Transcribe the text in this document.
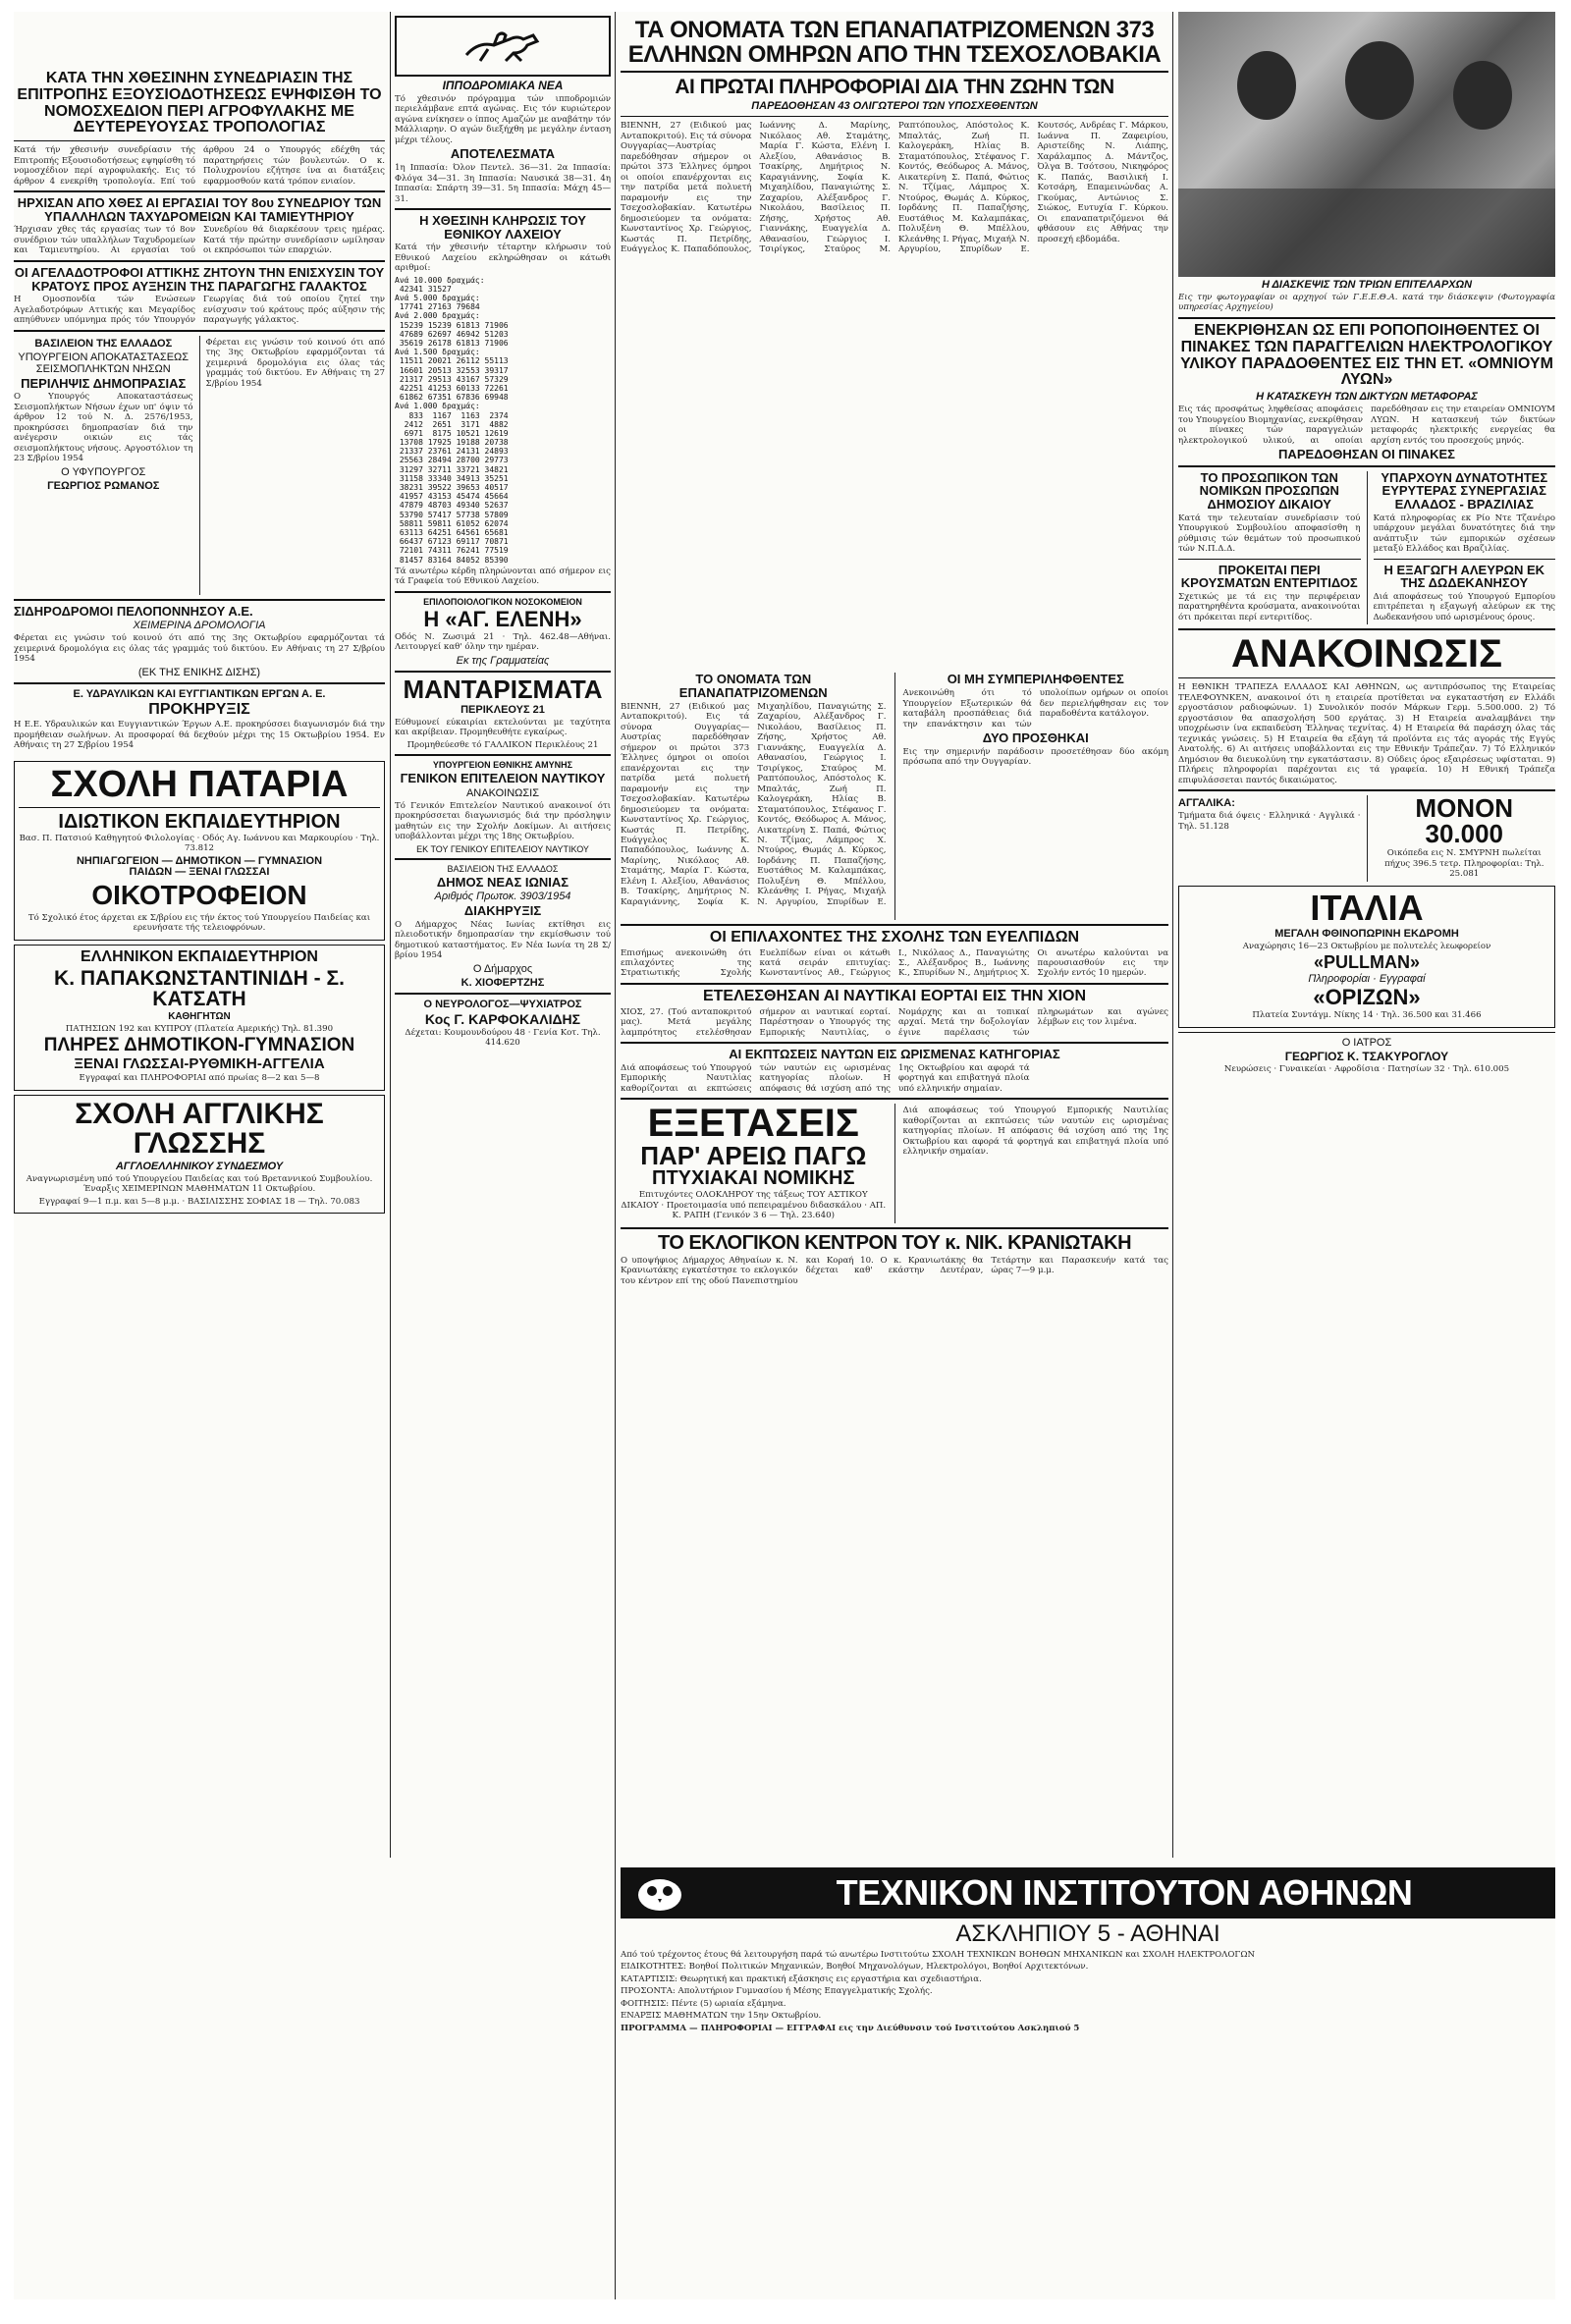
ΚΑΤΑ ΤΗΝ ΧΘΕΣΙΝΗΝ ΣΥΝΕΔΡΙΑΣΙΝ ΤΗΣ ΕΠΙΤΡΟΠΗΣ ΕΞΟΥΣΙΟΔΟΤΗΣΕΩΣ ΕΨΗΦΙΣΘΗ ΤΟ ΝΟΜΟΣΧΕΔΙΟΝ ΠΕΡΙ ΑΓΡΟΦΥΛΑΚΗΣ ΜΕ ΔΕΥΤΕΡΕΥΟΥΣΑΣ ΤΡΟΠΟΛΟΓΙΑΣ

Κατά τήν χθεσινήν συνεδρίασιν τής Επιτροπής Εξουσιοδοτήσεως εψηφίσθη τό νομοσχέδιον περί αγροφυλακής. Εις τό άρθρον 4 ενεκρίθη τροπολογία. Επί τού άρθρου 24 ο Υπουργός εδέχθη τάς παρατηρήσεις τών βουλευτών. Ο κ. Πολυχρονίου εζήτησε ίνα αι διατάξεις εφαρμοσθούν κατά τρόπον ενιαίον.

ΗΡΧΙΣΑΝ ΑΠΟ ΧΘΕΣ ΑΙ ΕΡΓΑΣΙΑΙ ΤΟΥ 8ου ΣΥΝΕΔΡΙΟΥ ΤΩΝ ΥΠΑΛΛΗΛΩΝ ΤΑΧΥΔΡΟΜΕΙΩΝ ΚΑΙ ΤΑΜΙΕΥΤΗΡΙΟΥ

Ήρχισαν χθες τάς εργασίας των τό 8ον συνέδριον τών υπαλλήλων Ταχυδρομείων και Ταμιευτηρίου. Αι εργασίαι τού Συνεδρίου θά διαρκέσουν τρεις ημέρας. Κατά τήν πρώτην συνεδρίασιν ωμίλησαν οι εκπρόσωποι τών επαρχιών.

ΟΙ ΑΓΕΛΑΔΟΤΡΟΦΟΙ ΑΤΤΙΚΗΣ ΖΗΤΟΥΝ ΤΗΝ ΕΝΙΣΧΥΣΙΝ ΤΟΥ ΚΡΑΤΟΥΣ ΠΡΟΣ ΑΥΞΗΣΙΝ ΤΗΣ ΠΑΡΑΓΩΓΗΣ ΓΑΛΑΚΤΟΣ

Η Ομοσπονδία τών Ενώσεων Αγελαδοτρόφων Αττικής και Μεγαρίδος απηύθυνεν υπόμνημα πρός τόν Υπουργόν Γεωργίας διά τού οποίου ζητεί την ενίσχυσιν τού κράτους πρός αύξησιν τής παραγωγής γάλακτος.

ΒΑΣΙΛΕΙΟΝ ΤΗΣ ΕΛΛΑΔΟΣ
ΥΠΟΥΡΓΕΙΟΝ ΑΠΟΚΑΤΑΣΤΑΣΕΩΣ ΣΕΙΣΜΟΠΛΗΚΤΩΝ ΝΗΣΩΝ
ΠΕΡΙΛΗΨΙΣ ΔΗΜΟΠΡΑΣΙΑΣ

Ο Υπουργός Αποκαταστάσεως Σεισμοπλήκτων Νήσων έχων υπ' όψιν τό άρθρον 12 τού Ν. Δ. 2576/1953, προκηρύσσει δημοπρασίαν διά την ανέγερσιν οικιών εις τάς σεισμοπλήκτους νήσους. Αργοστόλιον τη 23 Σ/βρίου 1954

Ο ΥΦΥΠΟΥΡΓΟΣ
ΓΕΩΡΓΙΟΣ ΡΩΜΑΝΟΣ

Φέρεται εις γνώσιν τού κοινού ότι από της 3ης Οκτωβρίου εφαρμόζονται τά χειμερινά δρομολόγια εις όλας τάς γραμμάς τού δικτύου. Εν Αθήναις τη 27 Σ/βρίου 1954

ΣΙΔΗΡΟΔΡΟΜΟΙ ΠΕΛΟΠΟΝΝΗΣΟΥ Α.Ε.
ΧΕΙΜΕΡΙΝΑ ΔΡΟΜΟΛΟΓΙΑ

Φέρεται εις γνώσιν τού κοινού ότι από της 3ης Οκτωβρίου εφαρμόζονται τά χειμερινά δρομολόγια εις όλας τάς γραμμάς τού δικτύου. Εν Αθήναις τη 27 Σ/βρίου 1954

(ΕΚ ΤΗΣ ΕΝΙΚΗΣ ΔΙΣΗΣ)
Ε. ΥΔΡΑΥΛΙΚΩΝ ΚΑΙ ΕΥΓΓΙΑΝΤΙΚΩΝ ΕΡΓΩΝ Α. Ε.
ΠΡΟΚΗΡΥΞΙΣ

Η Ε.Ε. Υδραυλικών και Ευγγιαντικών Έργων Α.Ε. προκηρύσσει διαγωνισμόν διά την προμήθειαν σωλήνων. Αι προσφοραί θά δεχθούν μέχρι της 15 Οκτωβρίου 1954. Εν Αθήναις τη 27 Σ/βρίου 1954

ΣΧΟΛΗ ΠΑΤΑΡΙΑ
ΙΔΙΩΤΙΚΟΝ ΕΚΠΑΙΔΕΥΤΗΡΙΟΝ

Βασ. Π. Πατσιού Καθηγητού Φιλολογίας · Οδός Αγ. Ιωάννου και Μαρκουρίου · Τηλ. 73.812

ΝΗΠΙΑΓΩΓΕΙΟΝ — ΔΗΜΟΤΙΚΟΝ — ΓΥΜΝΑΣΙΟΝ
ΠΑΙΔΩΝ — ΞΕΝΑΙ ΓΛΩΣΣΑΙ
ΟΙΚΟΤΡΟΦΕΙΟΝ

Τό Σχολικό έτος άρχεται εκ Σ/βρίου εις τήν έκτος τού Υπουργείου Παιδείας και ερευνήσατε τής τελειοφρόνων.

ΕΛΛΗΝΙΚΟΝ ΕΚΠΑΙΔΕΥΤΗΡΙΟΝ
Κ. ΠΑΠΑΚΩΝΣΤΑΝΤΙΝΙΔΗ - Σ. ΚΑΤΣΑΤΗ
ΚΑΘΗΓΗΤΩΝ

ΠΑΤΗΣΙΩΝ 192 και ΚΥΠΡΟΥ (Πλατεία Αμερικής) Τηλ. 81.390

ΠΛΗΡΕΣ ΔΗΜΟΤΙΚΟΝ-ΓΥΜΝΑΣΙΟΝ
ΞΕΝΑΙ ΓΛΩΣΣΑΙ-ΡΥΘΜΙΚΗ-ΑΓΓΕΛΙΑ

Εγγραφαί και ΠΛΗΡΟΦΟΡΙΑΙ από πρωίας 8—2 και 5—8

ΣΧΟΛΗ ΑΓΓΛΙΚΗΣ ΓΛΩΣΣΗΣ
ΑΓΓΛΟΕΛΛΗΝΙΚΟΥ ΣΥΝΔΕΣΜΟΥ

Αναγνωρισμένη υπό τού Υπουργείου Παιδείας και τού Βρεταννικού Συμβουλίου. Έναρξις ΧΕΙΜΕΡΙΝΩΝ ΜΑΘΗΜΑΤΩΝ 11 Οκτωβρίου.

Εγγραφαί 9—1 π.μ. και 5—8 μ.μ. · ΒΑΣΙΛΙΣΣΗΣ ΣΟΦΙΑΣ 18 — Τηλ. 70.083

ΙΠΠΟΔΡΟΜΙΑΚΑ ΝΕΑ

Τό χθεσινόν πρόγραμμα τών ιπποδρομιών περιελάμβανε επτά αγώνας. Εις τόν κυριώτερον αγώνα ενίκησεν ο ίππος Αμαζών με αναβάτην τόν Μάλλιαρην. Ο αγών διεξήχθη με μεγάλην ένταση μέχρι τέλους.

ΑΠΟΤΕΛΕΣΜΑΤΑ

1η Ιππασία: Όλον Πεντελ. 36—31. 2α Ιππασία: Φλόγα 34—31. 3η Ιππασία: Ναυσικά 38—31. 4η Ιππασία: Σπάρτη 39—31. 5η Ιππασία: Μάχη 45—31.

Η ΧΘΕΣΙΝΗ ΚΛΗΡΩΣΙΣ ΤΟΥ ΕΘΝΙΚΟΥ ΛΑΧΕΙΟΥ

Κατά τήν χθεσινήν τέταρτην κλήρωσιν τού Εθνικού Λαχείου εκληρώθησαν οι κάτωθι αριθμοί:

Ανά 10.000 δραχμάς:
42341 31527
Ανά 5.000 δραχμάς:
17741 27163 79684
Ανά 2.000 δραχμάς:
15239 15239 61813 71906
47689 62697 46942 51203
35619 26178 61813 71906
Ανά 1.500 δραχμάς:
11511 20021 26112 55113
16601 20513 32553 39317
21317 29513 43167 57329
42251 41253 60133 72261
61862 67351 67836 69948
Ανά 1.000 δραχμάς:
833  1167  1163  2374
2412  2651  3171  4882
6971  8175 10521 12619
13708 17925 19188 20738
21337 23761 24131 24893
25563 28494 28700 29773
31297 32711 33721 34821
31158 33340 34913 35251
38231 39522 39653 40517
41957 43153 45474 45664
47879 48703 49340 52637
53790 57417 57738 57809
58811 59811 61052 62074
63113 64251 64561 65681
66437 67123 69117 70871
72101 74311 76241 77519
81457 83164 84052 85390

Τά ανωτέρω κέρδη πληρώνονται από σήμερον εις τά Γραφεία τού Εθνικού Λαχείου.

ΕΠΙΛΟΠΟΙΟΛΟΓΙΚΟΝ ΝΟΣΟΚΟΜΕΙΟΝ
Η «ΑΓ. ΕΛΕΝΗ»

Οδός Ν. Ζωσιμά 21 · Τηλ. 462.48—Αθήναι. Λειτουργεί καθ' όλην την ημέραν.

Εκ της Γραμματείας
ΜΑΝΤΑΡΙΣΜΑΤΑ
ΠΕΡΙΚΛΕΟΥΣ 21

Εύθυμονεί εύκαιρίαι εκτελούνται με ταχύτητα και ακρίβειαν. Προμηθευθήτε εγκαίρως.

Προμηθεύεσθε τό ΓΑΛΛΙΚΟΝ Περικλέους 21

ΥΠΟΥΡΓΕΙΟΝ ΕΘΝΙΚΗΣ ΑΜΥΝΗΣ
ΓΕΝΙΚΟΝ ΕΠΙΤΕΛΕΙΟΝ ΝΑΥΤΙΚΟΥ
ΑΝΑΚΟΙΝΩΣΙΣ

Τό Γενικόν Επιτελείον Ναυτικού ανακοινοί ότι προκηρύσσεται διαγωνισμός διά την πρόσληψιν μαθητών εις την Σχολήν Δοκίμων. Αι αιτήσεις υποβάλλονται μέχρι της 18ης Οκτωβρίου.

ΕΚ ΤΟΥ ΓΕΝΙΚΟΥ ΕΠΙΤΕΛΕΙΟΥ ΝΑΥΤΙΚΟΥ
ΒΑΣΙΛΕΙΟΝ ΤΗΣ ΕΛΛΑΔΟΣ
ΔΗΜΟΣ ΝΕΑΣ ΙΩΝΙΑΣ
Αριθμός Πρωτοκ. 3903/1954
ΔΙΑΚΗΡΥΞΙΣ

Ο Δήμαρχος Νέας Ιωνίας εκτίθησι εις πλειοδοτικήν δημοπρασίαν την εκμίσθωσιν τού δημοτικού καταστήματος. Εν Νέα Ιωνία τη 28 Σ/βρίου 1954

Ο Δήμαρχος
Κ. ΧΙΟΦΕΡΤΖΗΣ
Ο ΝΕΥΡΟΛΟΓΟΣ—ΨΥΧΙΑΤΡΟΣ
Κος Γ. ΚΑΡΦΟΚΑΛΙΔΗΣ

Δέχεται: Κουμουνδούρου 48 · Γενία Κοτ. Τηλ. 414.620

ΤΑ ΟΝΟΜΑΤΑ ΤΩΝ ΕΠΑΝΑΠΑΤΡΙΖΟΜΕΝΩΝ 373 ΕΛΛΗΝΩΝ ΟΜΗΡΩΝ ΑΠΟ ΤΗΝ ΤΣΕΧΟΣΛΟΒΑΚΙΑ
ΑΙ ΠΡΩΤΑΙ ΠΛΗΡΟΦΟΡΙΑΙ ΔΙΑ ΤΗΝ ΖΩΗΝ ΤΩΝ
ΠΑΡΕΔΟΘΗΣΑΝ 43 ΟΛΙΓΩΤΕΡΟΙ ΤΩΝ ΥΠΟΣΧΕΘΕΝΤΩΝ

ΒΙΕΝΝΗ, 27 (Ειδικού μας Ανταποκριτού). Εις τά σύνορα Ουγγαρίας—Αυστρίας παρεδόθησαν σήμερον οι πρώτοι 373 Έλληνες όμηροι οι οποίοι επανέρχονται εις την πατρίδα μετά πολυετή παραμονήν εις την Τσεχοσλοβακίαν. Κατωτέρω δημοσιεύομεν τα ονόματα: Κωνσταντίνος Χρ. Γεώργιος, Κωστάς Π. Πετρίδης, Ευάγγελος Κ. Παπαδόπουλος, Ιωάννης Δ. Μαρίνης, Νικόλαος Αθ. Σταμάτης, Μαρία Γ. Κώστα, Ελένη Ι. Αλεξίου, Αθανάσιος Β. Τσακίρης, Δημήτριος Ν. Καραγιάννης, Σοφία Κ. Μιχαηλίδου, Παναγιώτης Σ. Ζαχαρίου, Αλέξανδρος Γ. Νικολάου, Βασίλειος Π. Ζήσης, Χρήστος Αθ. Γιαννάκης, Ευαγγελία Δ. Αθανασίου, Γεώργιος Ι. Τσιρίγκος, Σταύρος Μ. Ραπτόπουλος, Απόστολος Κ. Μπαλτάς, Ζωή Π. Καλογεράκη, Ηλίας Β. Σταματόπουλος, Στέφανος Γ. Κοντός, Θεόδωρος Α. Μάνος, Αικατερίνη Σ. Παπά, Φώτιος Ν. Τζίμας, Λάμπρος Χ. Ντούρος, Θωμάς Δ. Κύρκος, Ιορδάνης Π. Παπαζήσης, Ευστάθιος Μ. Καλαμπάκας, Πολυξένη Θ. Μπέλλου, Κλεάνθης Ι. Ρήγας, Μιχαήλ Ν. Αργυρίου, Σπυρίδων Ε. Κουτσός, Ανδρέας Γ. Μάρκου, Ιωάννα Π. Ζαφειρίου, Αριστείδης Ν. Λιάπης, Χαράλαμπος Δ. Μάντζος, Όλγα Β. Τσότσου, Νικηφόρος Κ. Παπάς, Βασιλική Ι. Κοτσάρη, Επαμεινώνδας Α. Γκούμας, Αντώνιος Σ. Σιώκος, Ευτυχία Γ. Κύρκου. Οι επαναπατριζόμενοι θά φθάσουν εις Αθήνας την προσεχή εβδομάδα.

ΤΟ ΟΝΟΜΑΤΑ ΤΩΝ ΕΠΑΝΑΠΑΤΡΙΖΟΜΕΝΩΝ

ΒΙΕΝΝΗ, 27 (Ειδικού μας Ανταποκριτού). Εις τά σύνορα Ουγγαρίας—Αυστρίας παρεδόθησαν σήμερον οι πρώτοι 373 Έλληνες όμηροι οι οποίοι επανέρχονται εις την πατρίδα μετά πολυετή παραμονήν εις την Τσεχοσλοβακίαν. Κατωτέρω δημοσιεύομεν τα ονόματα: Κωνσταντίνος Χρ. Γεώργιος, Κωστάς Π. Πετρίδης, Ευάγγελος Κ. Παπαδόπουλος, Ιωάννης Δ. Μαρίνης, Νικόλαος Αθ. Σταμάτης, Μαρία Γ. Κώστα, Ελένη Ι. Αλεξίου, Αθανάσιος Β. Τσακίρης, Δημήτριος Ν. Καραγιάννης, Σοφία Κ. Μιχαηλίδου, Παναγιώτης Σ. Ζαχαρίου, Αλέξανδρος Γ. Νικολάου, Βασίλειος Π. Ζήσης, Χρήστος Αθ. Γιαννάκης, Ευαγγελία Δ. Αθανασίου, Γεώργιος Ι. Τσιρίγκος, Σταύρος Μ. Ραπτόπουλος, Απόστολος Κ. Μπαλτάς, Ζωή Π. Καλογεράκη, Ηλίας Β. Σταματόπουλος, Στέφανος Γ. Κοντός, Θεόδωρος Α. Μάνος, Αικατερίνη Σ. Παπά, Φώτιος Ν. Τζίμας, Λάμπρος Χ. Ντούρος, Θωμάς Δ. Κύρκος, Ιορδάνης Π. Παπαζήσης, Ευστάθιος Μ. Καλαμπάκας, Πολυξένη Θ. Μπέλλου, Κλεάνθης Ι. Ρήγας, Μιχαήλ Ν. Αργυρίου, Σπυρίδων Ε.

ΟΙ ΜΗ ΣΥΜΠΕΡΙΛΗΦΘΕΝΤΕΣ

Ανεκοινώθη ότι τό Υπουργείον Εξωτερικών θά καταβάλη προσπάθειας διά την επανάκτησιν και τών υπολοίπων ομήρων οι οποίοι δεν περιελήφθησαν εις τον παραδοθέντα κατάλογον.

ΔΥΟ ΠΡΟΣΘΗΚΑΙ

Εις την σημερινήν παράδοσιν προσετέθησαν δύο ακόμη πρόσωπα από την Ουγγαρίαν.

ΟΙ ΕΠΙΛΑΧΟΝΤΕΣ ΤΗΣ ΣΧΟΛΗΣ ΤΩΝ ΕΥΕΛΠΙΔΩΝ

Επισήμως ανεκοινώθη ότι επιλαχόντες της Στρατιωτικής Σχολής Ευελπίδων είναι οι κάτωθι κατά σειράν επιτυχίας: Κωνσταντίνος Αθ., Γεώργιος Ι., Νικόλαος Δ., Παναγιώτης Σ., Αλέξανδρος Β., Ιωάννης Κ., Σπυρίδων Ν., Δημήτριος Χ. Οι ανωτέρω καλούνται να παρουσιασθούν εις την Σχολήν εντός 10 ημερών.

ΕΤΕΛΕΣΘΗΣΑΝ ΑΙ ΝΑΥΤΙΚΑΙ ΕΟΡΤΑΙ ΕΙΣ ΤΗΝ ΧΙΟΝ

ΧΙΟΣ, 27. (Τού ανταποκριτού μας). Μετά μεγάλης λαμπρότητος ετελέσθησαν σήμερον αι ναυτικαί εορταί. Παρέστησαν ο Υπουργός της Εμπορικής Ναυτιλίας, ο Νομάρχης και αι τοπικαί αρχαί. Μετά την δοξολογίαν έγινε παρέλασις τών πληρωμάτων και αγώνες λέμβων εις τον λιμένα.

ΑΙ ΕΚΠΤΩΣΕΙΣ ΝΑΥΤΩΝ ΕΙΣ ΩΡΙΣΜΕΝΑΣ ΚΑΤΗΓΟΡΙΑΣ

Διά αποφάσεως τού Υπουργού Εμπορικής Ναυτιλίας καθορίζονται αι εκπτώσεις τών ναυτών εις ωρισμένας κατηγορίας πλοίων. Η απόφασις θά ισχύση από της 1ης Οκτωβρίου και αφορά τά φορτηγά και επιβατηγά πλοία υπό ελληνικήν σημαίαν.

ΕΞΕΤΑΣΕΙΣ
ΠΑΡ' ΑΡΕΙΩ ΠΑΓΩ
ΠΤΥΧΙΑΚΑΙ ΝΟΜΙΚΗΣ

Επιτυχόντες ΟΛΟΚΛΗΡΟΥ της τάξεως ΤΟΥ ΑΣΤΙΚΟΥ ΔΙΚΑΙΟΥ · Προετοιμασία υπό πεπειραμένου διδασκάλου · ΑΠ. Κ. ΡΑΠΗ (Γενικόν 3 6 — Τηλ. 23.640)

Διά αποφάσεως τού Υπουργού Εμπορικής Ναυτιλίας καθορίζονται αι εκπτώσεις τών ναυτών εις ωρισμένας κατηγορίας πλοίων. Η απόφασις θά ισχύση από της 1ης Οκτωβρίου και αφορά τά φορτηγά και επιβατηγά πλοία υπό ελληνικήν σημαίαν.

ΤΟ ΕΚΛΟΓΙΚΟΝ ΚΕΝΤΡΟΝ ΤΟΥ κ. ΝΙΚ. ΚΡΑΝΙΩΤΑΚΗ

Ο υποψήφιος Δήμαρχος Αθηναίων κ. Ν. Κρανιωτάκης εγκατέστησε το εκλογικόν του κέντρον επί της οδού Πανεπιστημίου και Κοραή 10. Ο κ. Κρανιωτάκης θα δέχεται καθ' εκάστην Δευτέραν, Τετάρτην και Παρασκευήν κατά τας ώρας 7—9 μ.μ.

Η ΔΙΑΣΚΕΨΙΣ ΤΩΝ ΤΡΙΩΝ ΕΠΙΤΕΛΑΡΧΩΝ

Εις την φωτογραφίαν οι αρχηγοί τών Γ.Ε.Ε.Θ.Α. κατά την διάσκεψιν (Φωτογραφία υπηρεσίας Αρχηγείου)

ΕΝΕΚΡΙΘΗΣΑΝ ΩΣ ΕΠΙ ΡΟΠΟΠΟΙΗΘΕΝΤΕΣ ΟΙ ΠΙΝΑΚΕΣ ΤΩΝ ΠΑΡΑΓΓΕΛΙΩΝ ΗΛΕΚΤΡΟΛΟΓΙΚΟΥ ΥΛΙΚΟΥ ΠΑΡΑΔΟΘΕΝΤΕΣ ΕΙΣ ΤΗΝ ΕΤ. «ΟΜΝΙΟΥΜ ΛΥΩΝ»
Η ΚΑΤΑΣΚΕΥΗ ΤΩΝ ΔΙΚΤΥΩΝ ΜΕΤΑΦΟΡΑΣ

Εις τάς προσφάτως ληφθείσας αποφάσεις του Υπουργείου Βιομηχανίας, ενεκρίθησαν οι πίνακες τών παραγγελιών ηλεκτρολογικού υλικού, αι οποίαι παρεδόθησαν εις την εταιρείαν ΟΜΝΙΟΥΜ ΛΥΩΝ. Η κατασκευή τών δικτύων μεταφοράς ηλεκτρικής ενεργείας θα αρχίση εντός του προσεχούς μηνός.

ΠΑΡΕΔΟΘΗΣΑΝ ΟΙ ΠΙΝΑΚΕΣ
ΤΟ ΠΡΟΣΩΠΙΚΟΝ ΤΩΝ ΝΟΜΙΚΩΝ ΠΡΟΣΩΠΩΝ ΔΗΜΟΣΙΟΥ ΔΙΚΑΙΟΥ

Κατά την τελευταίαν συνεδρίασιν τού Υπουργικού Συμβουλίου αποφασίσθη η ρύθμισις τών θεμάτων τού προσωπικού τών Ν.Π.Δ.Δ.

ΠΡΟΚΕΙΤΑΙ ΠΕΡΙ ΚΡΟΥΣΜΑΤΩΝ ΕΝΤΕΡΙΤΙΔΟΣ

Σχετικώς με τά εις την περιφέρειαν παρατηρηθέντα κρούσματα, ανακοινούται ότι πρόκειται περί εντεριτίδος.

ΥΠΑΡΧΟΥΝ ΔΥΝΑΤΟΤΗΤΕΣ ΕΥΡΥΤΕΡΑΣ ΣΥΝΕΡΓΑΣΙΑΣ ΕΛΛΑΔΟΣ - ΒΡΑΖΙΛΙΑΣ

Κατά πληροφορίας εκ Ρίο Ντε Τζανέιρο υπάρχουν μεγάλαι δυνατότητες διά την ανάπτυξιν τών εμπορικών σχέσεων μεταξύ Ελλάδος και Βραζιλίας.

Η ΕΞΑΓΩΓΗ ΑΛΕΥΡΩΝ ΕΚ ΤΗΣ ΔΩΔΕΚΑΝΗΣΟΥ

Διά αποφάσεως τού Υπουργού Εμπορίου επιτρέπεται η εξαγωγή αλεύρων εκ της Δωδεκανήσου υπό ωρισμένους όρους.

ΑΝΑΚΟΙΝΩΣΙΣ

Η ΕΘΝΙΚΗ ΤΡΑΠΕΖΑ ΕΛΛΑΔΟΣ ΚΑΙ ΑΘΗΝΩΝ, ως αντιπρόσωπος της Εταιρείας ΤΕΛΕΦΟΥΝΚΕΝ, ανακοινοί ότι η εταιρεία προτίθεται να εγκαταστήση εν Ελλάδι εργοστάσιον ραδιοφώνων. 1) Συνολικόν ποσόν Μάρκων Γερμ. 5.500.000. 2) Τό εργοστάσιον θα απασχολήση 500 εργάτας. 3) Η Εταιρεία αναλαμβάνει την υποχρέωσιν ίνα εκπαιδεύση Έλληνας τεχνίτας. 4) Η Εταιρεία θά παράσχη όλας τάς τεχνικάς γνώσεις. 5) Η Εταιρεία θα εξάγη τά προϊόντα εις τάς αγοράς τής Εγγύς Ανατολής. 6) Αι αιτήσεις υποβάλλονται εις την Εθνικήν Τράπεζαν. 7) Τό Ελληνικόν Δημόσιον θα διευκολύνη την εγκατάστασιν. 8) Ούδεις όρος εξαιρέσεως υφίσταται. 9) Πλήρεις πληροφορίαι παρέχονται εις τά γραφεία. 10) Η Εθνική Τράπεζα επιφυλάσσεται παντός δικαιώματος.

ΑΓΓΑΛΙΚΑ:

Τμήματα διά όψεις · Ελληνικά · Αγγλικά · Τηλ. 51.128

ΜΟΝΟΝ 30.000

Οικόπεδα εις Ν. ΣΜΥΡΝΗ πωλείται πήχυς 396.5 τετρ. Πληροφορίαι: Τηλ. 25.081

ΙΤΑΛΙΑ
ΜΕΓΑΛΗ ΦΘΙΝΟΠΩΡΙΝΗ ΕΚΔΡΟΜΗ

Αναχώρησις 16—23 Οκτωβρίου με πολυτελές λεωφορείον

«PULLMAN»
Πληροφορίαι · Εγγραφαί
«ΟΡΙΖΩΝ»

Πλατεία Συντάγμ. Νίκης 14 · Τηλ. 36.500 και 31.466

Ο ΙΑΤΡΟΣ
ΓΕΩΡΓΙΟΣ Κ. ΤΣΑΚΥΡΟΓΛΟΥ

Νευρώσεις · Γυναικείαι · Αφροδίσια · Πατησίων 32 · Τηλ. 610.005

ΤΕΧΝΙΚΟΝ ΙΝΣΤΙΤΟΥΤΟΝ ΑΘΗΝΩΝ
ΑΣΚΛΗΠΙΟΥ 5 - ΑΘΗΝΑΙ

Από τού τρέχοντος έτους θά λειτουργήση παρά τώ ανωτέρω Ινστιτούτω ΣΧΟΛΗ ΤΕΧΝΙΚΩΝ ΒΟΗΘΩΝ ΜΗΧΑΝΙΚΩΝ και ΣΧΟΛΗ ΗΛΕΚΤΡΟΛΟΓΩΝ

ΕΙΔΙΚΟΤΗΤΕΣ: Βοηθοί Πολιτικών Μηχανικών, Βοηθοί Μηχανολόγων, Ηλεκτρολόγοι, Βοηθοί Αρχιτεκτόνων.

ΚΑΤΑΡΤΙΣΙΣ: Θεωρητική και πρακτική εξάσκησις εις εργαστήρια και σχεδιαστήρια.

ΠΡΟΣΟΝΤΑ: Απολυτήριον Γυμνασίου ή Μέσης Επαγγελματικής Σχολής.

ΦΟΙΤΗΣΙΣ: Πέντε (5) ωριαία εξάμηνα.

ΕΝΑΡΞΙΣ ΜΑΘΗΜΑΤΩΝ την 15ην Οκτωβρίου.

ΠΡΟΓΡΑΜΜΑ — ΠΛΗΡΟΦΟΡΙΑΙ — ΕΓΓΡΑΦΑΙ εις την Διεύθυνσιν τού Ινστιτούτου Ασκληπιού 5
